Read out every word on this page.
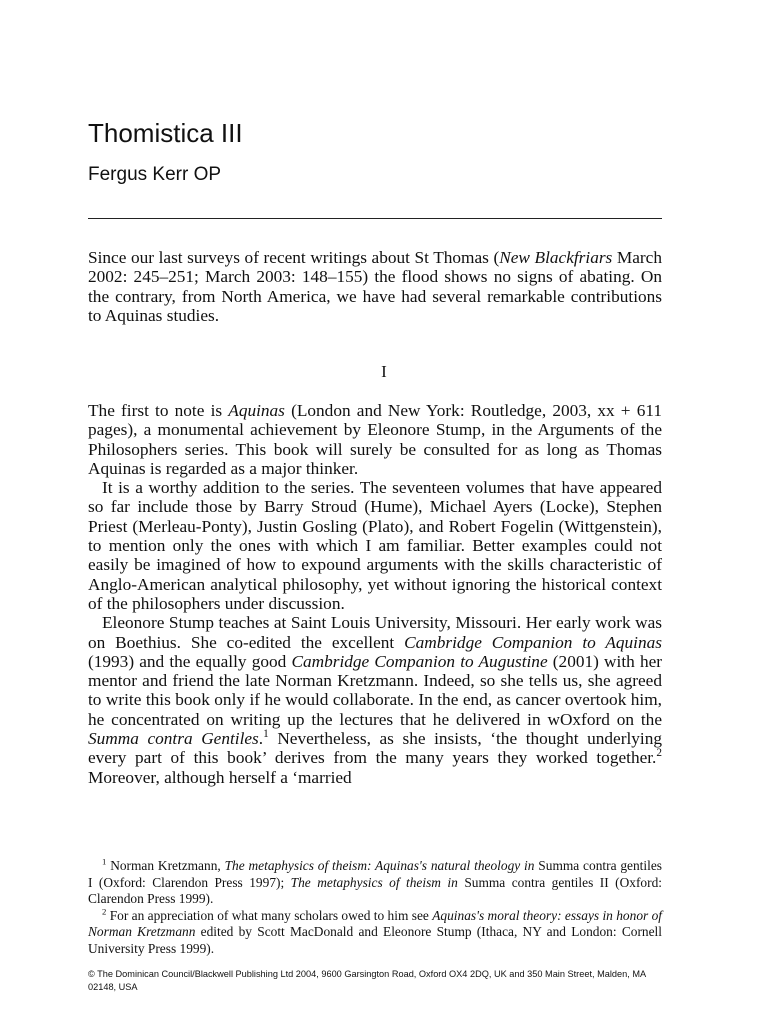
Thomistica III
Fergus Kerr OP

Since our last surveys of recent writings about St Thomas (New Blackfriars March 2002: 245–251; March 2003: 148–155) the flood shows no signs of abating. On the contrary, from North America, we have had several remarkable contributions to Aquinas studies.

I

The first to note is Aquinas (London and New York: Routledge, 2003, xx + 611 pages), a monumental achievement by Eleonore Stump, in the Arguments of the Philosophers series. This book will surely be consulted for as long as Thomas Aquinas is regarded as a major thinker.

It is a worthy addition to the series. The seventeen volumes that have appeared so far include those by Barry Stroud (Hume), Michael Ayers (Locke), Stephen Priest (Merleau-Ponty), Justin Gosling (Plato), and Robert Fogelin (Wittgenstein), to mention only the ones with which I am familiar. Better examples could not easily be imagined of how to expound arguments with the skills characteristic of Anglo-American analytical philosophy, yet without ignoring the historical context of the philosophers under discussion.

Eleonore Stump teaches at Saint Louis University, Missouri. Her early work was on Boethius. She co-edited the excellent Cambridge Companion to Aquinas (1993) and the equally good Cambridge Companion to Augustine (2001) with her mentor and friend the late Norman Kretzmann. Indeed, so she tells us, she agreed to write this book only if he would collaborate. In the end, as cancer overtook him, he concentrated on writing up the lectures that he delivered in wOxford on the Summa contra Gentiles.$^1$ Nevertheless, as she insists, ‘the thought underlying every part of this book’ derives from the many years they worked together.$^2$ Moreover, although herself a ‘married

$^1$ Norman Kretzmann, The metaphysics of theism: Aquinas's natural theology in Summa contra gentiles I (Oxford: Clarendon Press 1997); The metaphysics of theism in Summa contra gentiles II (Oxford: Clarendon Press 1999).

$^2$ For an appreciation of what many scholars owed to him see Aquinas's moral theory: essays in honor of Norman Kretzmann edited by Scott MacDonald and Eleonore Stump (Ithaca, NY and London: Cornell University Press 1999).

© The Dominican Council/Blackwell Publishing Ltd 2004, 9600 Garsington Road, Oxford OX4 2DQ, UK and 350 Main Street, Malden, MA 02148, USA
